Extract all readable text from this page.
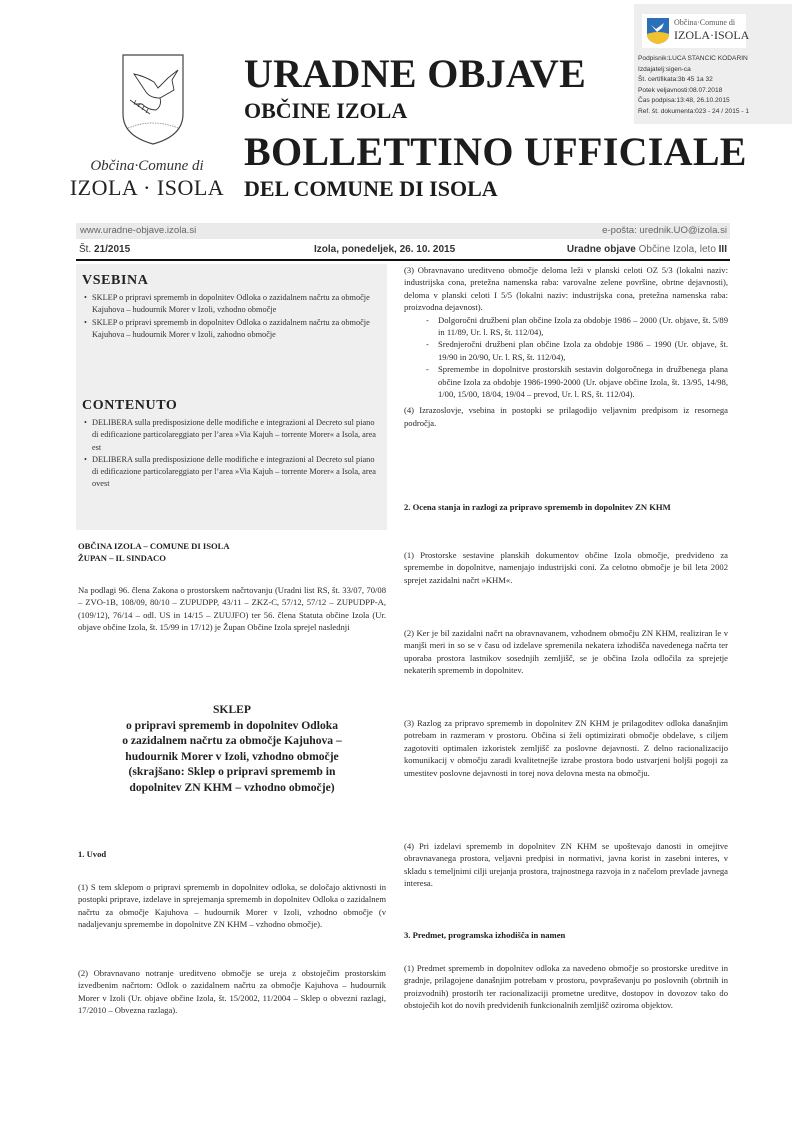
Občina·Comune di
IZOLA · ISOLA
URADNE OBJAVE
OBČINE IZOLA
BOLLETTINO UFFICIALE
DEL COMUNE DI ISOLA
Občina·Comune di
IZOLA·ISOLA
Podpisnik:LUCA STANCIC KODARIN
Izdajatelj:sigen-ca
Št. certifikata:3b 45 1a 32
Potek veljavnosti:08.07.2018
Čas podpisa:13:48, 26.10.2015
Ref. št. dokumenta:023 - 24 / 2015 - 1
www.uradne-objave.izola.si	e-pošta: urednik.UO@izola.si
Št. 21/2015	Izola, ponedeljek, 26. 10. 2015	Uradne objave Občine Izola, leto III
VSEBINA
• SKLEP o pripravi sprememb in dopolnitev Odloka o zazidalnem načrtu za območje Kajuhova – hudournik Morer v Izoli, vzhodno območje
• SKLEP o pripravi sprememb in dopolnitev Odloka o zazidalnem načrtu za območje Kajuhova – hudournik Morer v Izoli, zahodno območje
CONTENUTO
• DELIBERA sulla predisposizione delle modifiche e integrazioni al Decreto sul piano di edificazione particolareggiato per l’area »Via Kajuh – torrente Morer« a Isola, area est
• DELIBERA sulla predisposizione delle modifiche e integrazioni al Decreto sul piano di edificazione particolareggiato per l’area »Via Kajuh – torrente Morer« a Isola, area ovest
OBČINA IZOLA – COMUNE DI ISOLA
ŽUPAN – IL SINDACO

Na podlagi 96. člena Zakona o prostorskem načrtovanju (Uradni list RS, št. 33/07, 70/08 – ZVO-1B, 108/09, 80/10 – ZUPUDPP, 43/11 – ZKZ-C, 57/12, 57/12 – ZUPUDPP-A, (109/12), 76/14 – odl. US in 14/15 – ZUUJFO) ter 56. člena Statuta občine Izola (Ur. objave občine Izola, št. 15/99 in 17/12) je Župan Občine Izola sprejel naslednji

SKLEP
o pripravi sprememb in dopolnitev Odloka
o zazidalnem načrtu za območje Kajuhova –
hudournik Morer v Izoli, vzhodno območje
(skrajšano: Sklep o pripravi sprememb in
dopolnitev ZN KHM – vzhodno območje)
1. Uvod

(1) S tem sklepom o pripravi sprememb in dopolnitev odloka, se določajo aktivnosti in postopki priprave, izdelave in sprejemanja sprememb in dopolnitev Odloka o zazidalnem načrtu za območje Kajuhova – hudournik Morer v Izoli, vzhodno območje (v nadaljevanju spremembe in dopolnitve ZN KHM – vzhodno območje).

(2) Obravnavano notranje ureditveno območje se ureja z obstoječim prostorskim izvedbenim načrtom: Odlok o zazidalnem načrtu za območje Kajuhova – hudournik Morer v Izoli (Ur. objave občine Izola, št. 15/2002, 11/2004 – Sklep o obvezni razlagi, 17/2010 – Obvezna razlaga).

(3) Obravnavano ureditveno območje deloma leži v planski celoti OZ 5/3 (lokalni naziv: industrijska cona, pretežna namenska raba: varovalne zelene površine, obrtne dejavnosti), deloma v planski celoti I 5/5 (lokalni naziv: industrijska cona, pretežna namenska raba: proizvodna dejavnost).

- Dolgoročni družbeni plan občine Izola za obdobje 1986 – 2000 (Ur. objave, št. 5/89 in 11/89, Ur. l. RS, št. 112/04),
- Srednjeročni družbeni plan občine Izola za obdobje 1986 – 1990 (Ur. objave, št. 19/90 in 20/90, Ur. l. RS, št. 112/04),
- Spremembe in dopolnitve prostorskih sestavin dolgoročnega in družbenega plana občine Izola za obdobje 1986-1990-2000 (Ur. objave občine Izola, št. 13/95, 14/98, 1/00, 15/00, 18/04, 19/04 – prevod, Ur. l. RS, št. 112/04).

(4) Izrazoslovje, vsebina in postopki se prilagodijo veljavnim predpisom iz resornega področja.

2. Ocena stanja in razlogi za pripravo sprememb in dopolnitev ZN KHM

(1) Prostorske sestavine planskih dokumentov občine Izola območje, predvideno za spremembe in dopolnitve, namenjajo industrijski coni. Za celotno območje je bil leta 2002 sprejet zazidalni načrt »KHM«.

(2) Ker je bil zazidalni načrt na obravnavanem, vzhodnem območju ZN KHM, realiziran le v manjši meri in so se v času od izdelave spremenila nekatera izhodišča navedenega načrta ter uporaba prostora lastnikov sosednjih zemljišč, se je občina Izola odločila za sprejetje nekaterih sprememb in dopolnitev.

(3) Razlog za pripravo sprememb in dopolnitev ZN KHM je prilagoditev odloka današnjim potrebam in razmeram v prostoru. Občina si želi optimizirati območje obdelave, s ciljem zagotoviti optimalen izkoristek zemljišč za poslovne dejavnosti. Z delno racionalizacijo komunikacij v območju zaradi kvalitetnejše izrabe prostora bodo ustvarjeni boljši pogoji za umestitev poslovne dejavnosti in torej nova delovna mesta na območju.

(4) Pri izdelavi sprememb in dopolnitev ZN KHM se upoštevajo danosti in omejitve obravnavanega prostora, veljavni predpisi in normativi, javna korist in zasebni interes, v skladu s temeljnimi cilji urejanja prostora, trajnostnega razvoja in z načelom prevlade javnega interesa.

3. Predmet, programska izhodišča in namen

(1) Predmet sprememb in dopolnitev odloka za navedeno območje so prostorske ureditve in gradnje, prilagojene današnjim potrebam v prostoru, povpraševanju po poslovnih (obrtnih in proizvodnih) prostorih ter racionalizaciji prometne ureditve, dostopov in dovozov tako do obstoječih kot do novih predvidenih funkcionalnih zemljišč oziroma objektov.
